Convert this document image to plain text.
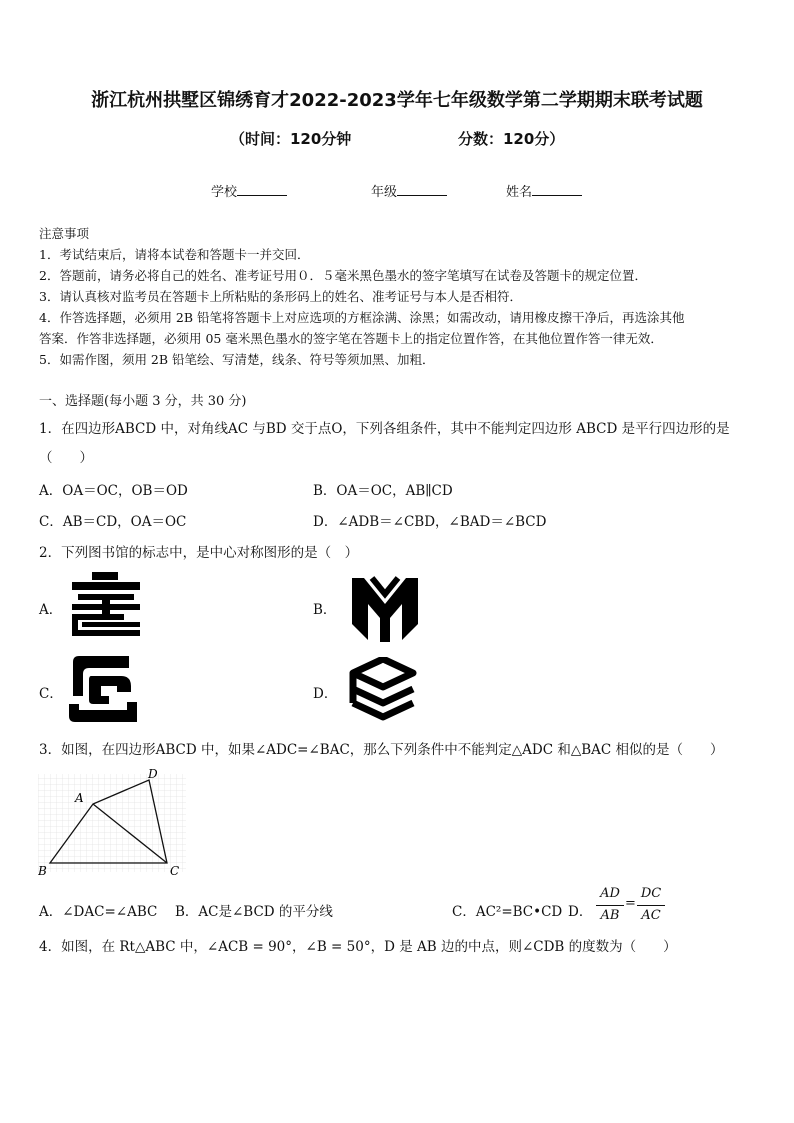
浙江杭州拱墅区锦绣育才2022-2023学年七年级数学第二学期期末联考试题
（时间：120分钟	分数：120分）
学校	年级	姓名
注意事项
1．考试结束后，请将本试卷和答题卡一并交回．
2．答题前，请务必将自己的姓名、准考证号用０．５毫米黑色墨水的签字笔填写在试卷及答题卡的规定位置．
3．请认真核对监考员在答题卡上所粘贴的条形码上的姓名、准考证号与本人是否相符．
4．作答选择题，必须用 2B 铅笔将答题卡上对应选项的方框涂满、涂黑；如需改动，请用橡皮擦干净后，再选涂其他
答案．作答非选择题，必须用 05 毫米黑色墨水的签字笔在答题卡上的指定位置作答，在其他位置作答一律无效．
5．如需作图，须用 2B 铅笔绘、写清楚，线条、符号等须加黑、加粗．
一、选择题(每小题 3 分，共 30 分)
1．在四边形ABCD 中，对角线AC 与BD 交于点O，下列各组条件，其中不能判定四边形 ABCD 是平行四边形的是
（　　）
A．OA＝OC，OB＝OD	B．OA＝OC，AB∥CD
C．AB＝CD，OA＝OC	D．∠ADB＝∠CBD，∠BAD＝∠BCD
2．下列图书馆的标志中，是中心对称图形的是（　）
A．	B．
C．	D．
3．如图，在四边形ABCD 中，如果∠ADC=∠BAC，那么下列条件中不能判定△ADC 和△BAC 相似的是（　　）
A
B	C
D
A．∠DAC=∠ABC B．AC是∠BCD 的平分线	C．AC²=BC•CD D．
AD
AB
=
DC
AC
4．如图，在 Rt△ABC 中，∠ACB = 90°，∠B = 50°，D 是 AB 边的中点，则∠CDB 的度数为（　　）
